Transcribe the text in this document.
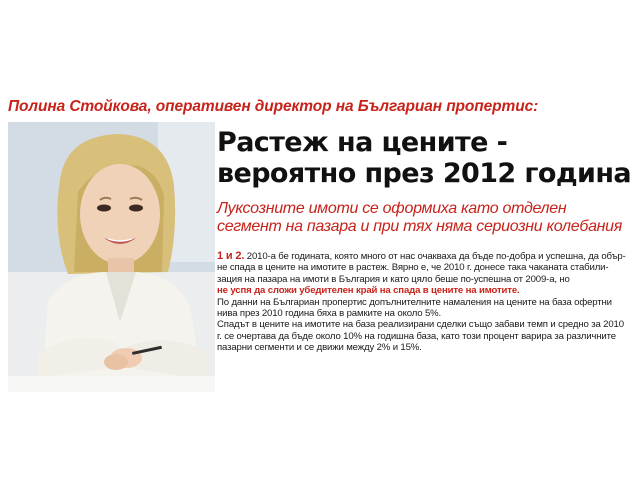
Полина Стойкова, оперативен директор на Българиан пропертис:
Растеж на цените -
вероятно през 2012 година
Луксозните имоти се оформиха като отделен
сегмент на пазара и при тях няма сериозни колебания

1 и 2. 2010-а бе годината, която много от нас очакваха да бъде по-добра и успешна, да обър-
не спада в цените на имотите в растеж. Вярно е, че 2010 г. донесе така чаканата стабили-
зация на пазара на имоти в България и като цяло беше по-успешна от 2009-а, но
не успя да сложи убедителен край на спада в цените на имотите.

По данни на Българиан пропертис допълнителните намаления на цените на база офертни
нива през 2010 година бяха в рамките на около 5%.

Спадът в цените на имотите на база реализирани сделки също забави темп и средно за 2010
г. се очертава да бъде около 10% на годишна база, като този процент варира за различните
пазарни сегменти и се движи между 2% и 15%.
